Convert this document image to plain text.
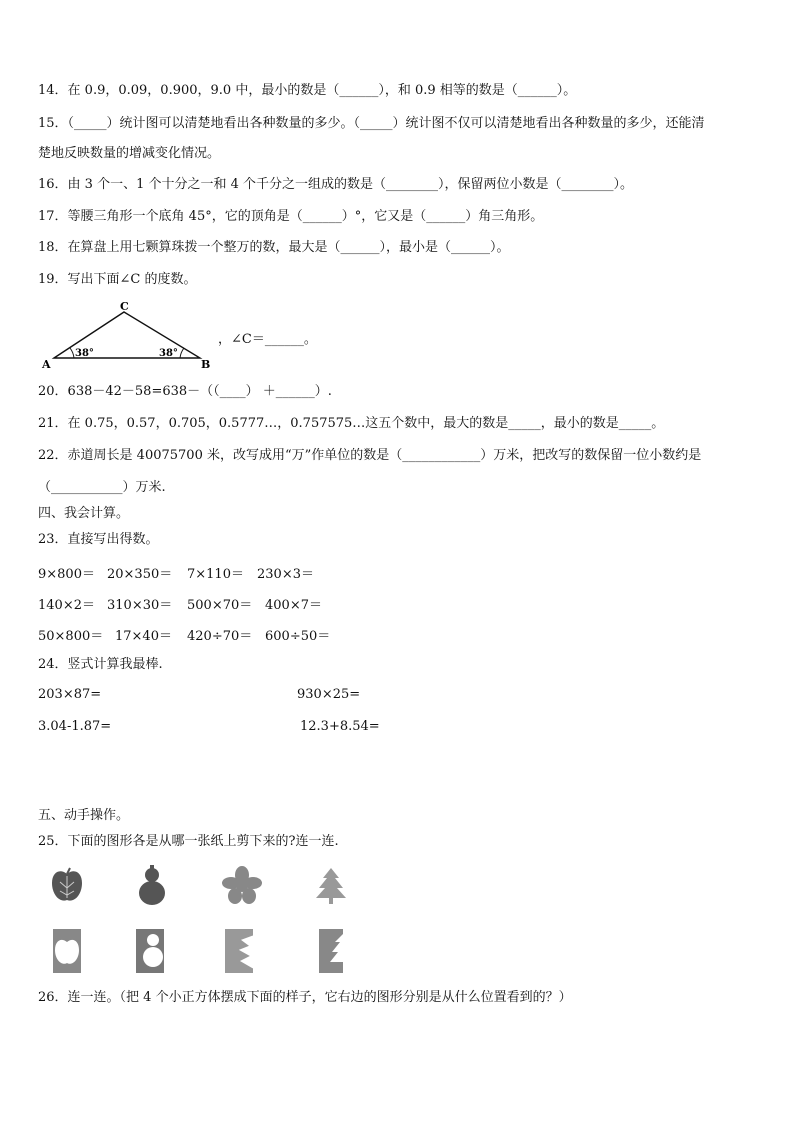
14．在 0.9，0.09，0.900，9.0 中，最小的数是（______），和 0.9 相等的数是（______）。
15．（_____）统计图可以清楚地看出各种数量的多少。（_____）统计图不仅可以清楚地看出各种数量的多少，还能清
楚地反映数量的增减变化情况。
16．由 3 个一、1 个十分之一和 4 个千分之一组成的数是（________），保留两位小数是（________）。
17．等腰三角形一个底角 45°，它的顶角是（______）°，它又是（______）角三角形。
18．在算盘上用七颗算珠拨一个整万的数，最大是（______），最小是（______）。
19．写出下面∠C 的度数。
C
A	B
38°	38°
，∠C＝______。
20．638－42－58=638－（（____） ＋______）.
21．在 0.75，0.57，0.705，0.5777…，0.757575…这五个数中，最大的数是_____，最小的数是_____。
22．赤道周长是 40075700 米，改写成用“万”作单位的数是（____________）万米，把改写的数保留一位小数约是
（___________）万米.
四、我会计算。
23．直接写出得数。
9×800＝ 20×350＝ 7×110＝ 230×3＝
140×2＝ 310×30＝ 500×70＝ 400×7＝
50×800＝ 17×40＝ 420÷70＝ 600÷50＝
24．竖式计算我最棒.
203×87=	930×25=
3.04-1.87=	12.3+8.54=
五、动手操作。
25．下面的图形各是从哪一张纸上剪下来的?连一连.
26．连一连。（把 4 个小正方体摆成下面的样子，它右边的图形分别是从什么位置看到的？）
